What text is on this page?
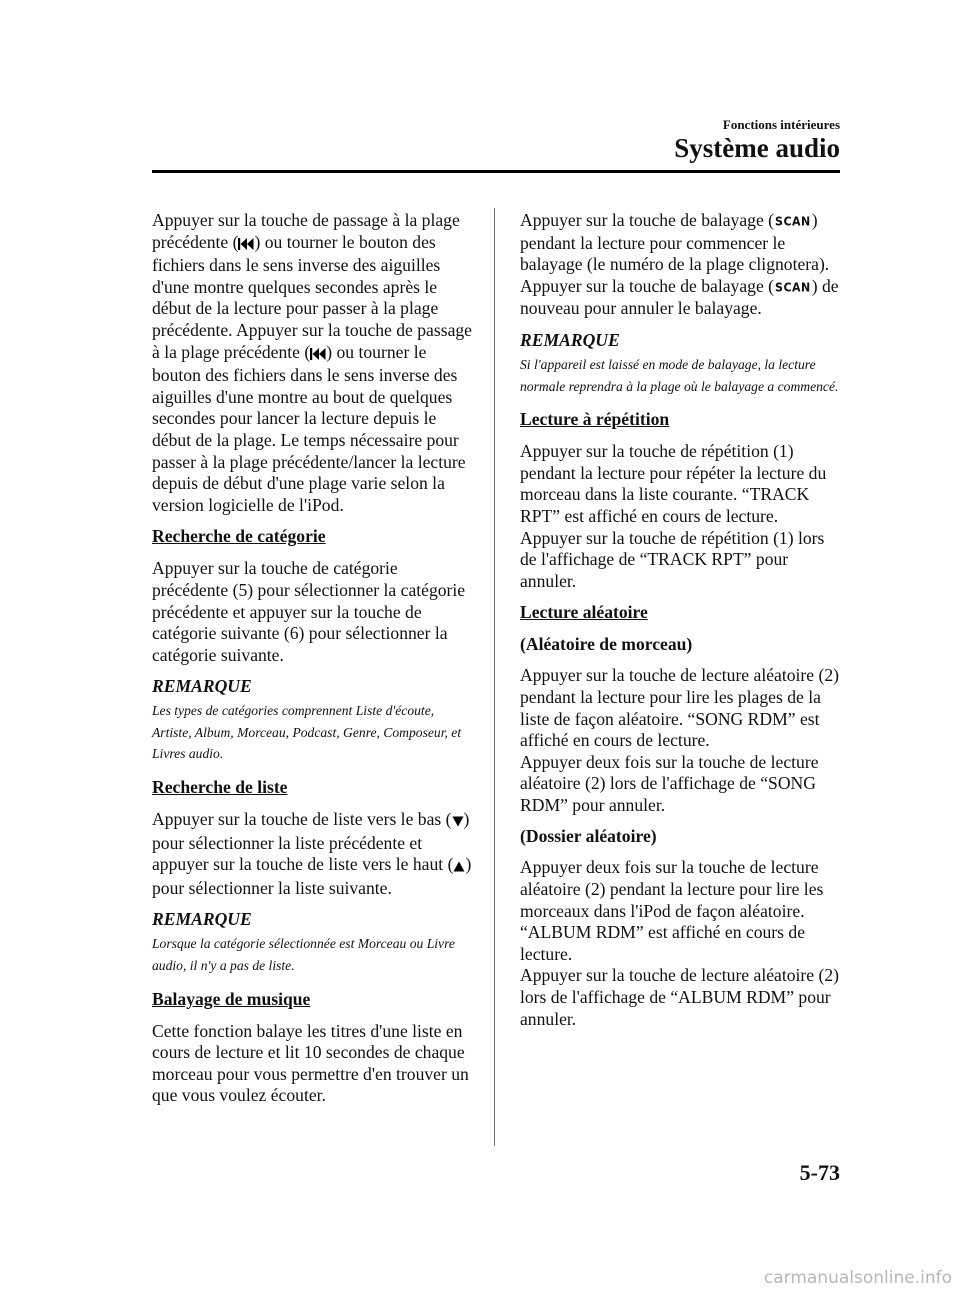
Fonctions intérieures
Système audio

Appuyer sur la touche de passage à la plage précédente ( ) ou tourner le bouton des fichiers dans le sens inverse des aiguilles d'une montre quelques secondes après le début de la lecture pour passer à la plage précédente. Appuyer sur la touche de passage à la plage précédente ( ) ou tourner le bouton des fichiers dans le sens inverse des aiguilles d'une montre au bout de quelques secondes pour lancer la lecture depuis le début de la plage. Le temps nécessaire pour passer à la plage précédente/lancer la lecture depuis de début d'une plage varie selon la version logicielle de l'iPod.

Recherche de catégorie

Appuyer sur la touche de catégorie précédente (5) pour sélectionner la catégorie précédente et appuyer sur la touche de catégorie suivante (6) pour sélectionner la catégorie suivante.

REMARQUE

Les types de catégories comprennent Liste d'écoute, Artiste, Album, Morceau, Podcast, Genre, Composeur, et Livres audio.

Recherche de liste

Appuyer sur la touche de liste vers le bas ( ) pour sélectionner la liste précédente et appuyer sur la touche de liste vers le haut ( ) pour sélectionner la liste suivante.

REMARQUE

Lorsque la catégorie sélectionnée est Morceau ou Livre audio, il n'y a pas de liste.

Balayage de musique

Cette fonction balaye les titres d'une liste en cours de lecture et lit 10 secondes de chaque morceau pour vous permettre d'en trouver un que vous voulez écouter.

Appuyer sur la touche de balayage (SCAN) pendant la lecture pour commencer le balayage (le numéro de la plage clignotera). Appuyer sur la touche de balayage (SCAN) de nouveau pour annuler le balayage.

REMARQUE

Si l'appareil est laissé en mode de balayage, la lecture normale reprendra à la plage où le balayage a commencé.

Lecture à répétition

Appuyer sur la touche de répétition (1) pendant la lecture pour répéter la lecture du morceau dans la liste courante. “TRACK RPT” est affiché en cours de lecture.
Appuyer sur la touche de répétition (1) lors de l'affichage de “TRACK RPT” pour annuler.

Lecture aléatoire
(Aléatoire de morceau)

Appuyer sur la touche de lecture aléatoire (2) pendant la lecture pour lire les plages de la liste de façon aléatoire. “SONG RDM” est affiché en cours de lecture.
Appuyer deux fois sur la touche de lecture aléatoire (2) lors de l'affichage de “SONG RDM” pour annuler.

(Dossier aléatoire)

Appuyer deux fois sur la touche de lecture aléatoire (2) pendant la lecture pour lire les morceaux dans l'iPod de façon aléatoire. “ALBUM RDM” est affiché en cours de lecture.
Appuyer sur la touche de lecture aléatoire (2) lors de l'affichage de “ALBUM RDM” pour annuler.

5-73
carmanualsonline.info
